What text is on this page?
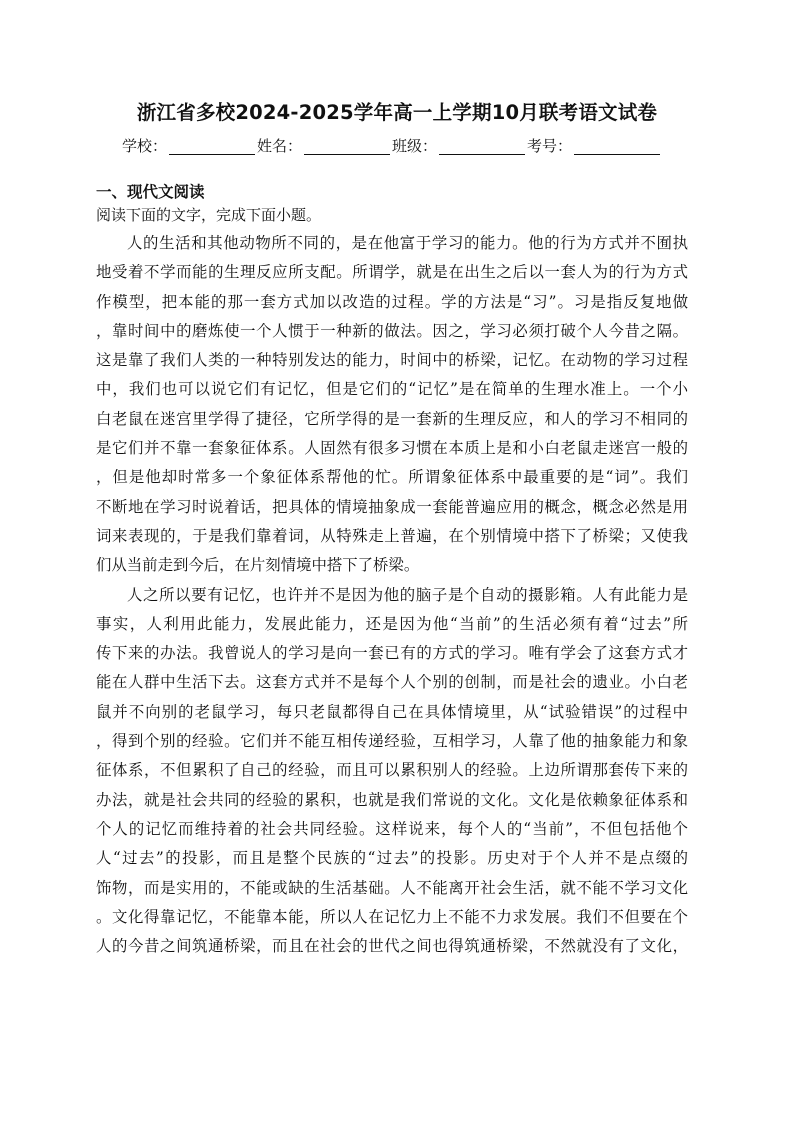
浙江省多校2024-2025学年高一上学期10月联考语文试卷
学校：	姓名：	班级：	考号：
一、现代文阅读
阅读下面的文字，完成下面小题。
人的生活和其他动物所不同的，是在他富于学习的能力。他的行为方式并不囿执
地受着不学而能的生理反应所支配。所谓学，就是在出生之后以一套人为的行为方式
作模型，把本能的那一套方式加以改造的过程。学的方法是“习”。习是指反复地做
，靠时间中的磨炼使一个人惯于一种新的做法。因之，学习必须打破个人今昔之隔。
这是靠了我们人类的一种特别发达的能力，时间中的桥梁，记忆。在动物的学习过程
中，我们也可以说它们有记忆，但是它们的“记忆”是在简单的生理水准上。一个小
白老鼠在迷宫里学得了捷径，它所学得的是一套新的生理反应，和人的学习不相同的
是它们并不靠一套象征体系。人固然有很多习惯在本质上是和小白老鼠走迷宫一般的
，但是他却时常多一个象征体系帮他的忙。所谓象征体系中最重要的是“词”。我们
不断地在学习时说着话，把具体的情境抽象成一套能普遍应用的概念，概念必然是用
词来表现的，于是我们靠着词，从特殊走上普遍，在个别情境中搭下了桥梁；又使我
们从当前走到今后，在片刻情境中搭下了桥梁。
人之所以要有记忆，也许并不是因为他的脑子是个自动的摄影箱。人有此能力是
事实，人利用此能力，发展此能力，还是因为他“当前”的生活必须有着“过去”所
传下来的办法。我曾说人的学习是向一套已有的方式的学习。唯有学会了这套方式才
能在人群中生活下去。这套方式并不是每个人个别的创制，而是社会的遗业。小白老
鼠并不向别的老鼠学习，每只老鼠都得自己在具体情境里，从“试验错误”的过程中
，得到个别的经验。它们并不能互相传递经验，互相学习，人靠了他的抽象能力和象
征体系，不但累积了自己的经验，而且可以累积别人的经验。上边所谓那套传下来的
办法，就是社会共同的经验的累积，也就是我们常说的文化。文化是依赖象征体系和
个人的记忆而维持着的社会共同经验。这样说来，每个人的“当前”，不但包括他个
人“过去”的投影，而且是整个民族的“过去”的投影。历史对于个人并不是点缀的
饰物，而是实用的，不能或缺的生活基础。人不能离开社会生活，就不能不学习文化
。文化得靠记忆，不能靠本能，所以人在记忆力上不能不力求发展。我们不但要在个
人的今昔之间筑通桥梁，而且在社会的世代之间也得筑通桥梁，不然就没有了文化，
